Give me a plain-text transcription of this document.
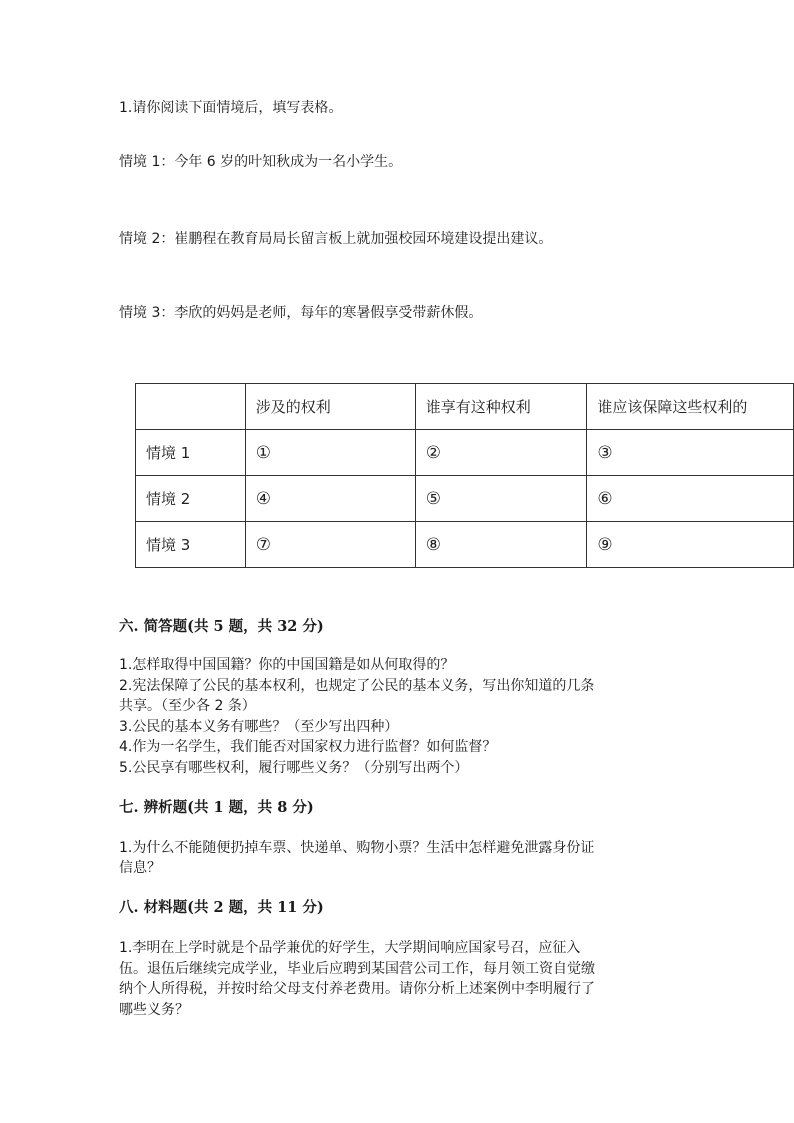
1.请你阅读下面情境后，填写表格。
情境 1：今年 6 岁的叶知秋成为一名小学生。
情境 2：崔鹏程在教育局局长留言板上就加强校园环境建设提出建议。
情境 3：李欣的妈妈是老师，每年的寒暑假享受带薪休假。
	涉及的权利	谁享有这种权利	谁应该保障这些权利的
情境 1	①	②	③
情境 2	④	⑤	⑥
情境 3	⑦	⑧	⑨
六. 简答题(共 5 题，共 32 分)
1.怎样取得中国国籍？你的中国国籍是如从何取得的？
2.宪法保障了公民的基本权利，也规定了公民的基本义务，写出你知道的几条
共享。（至少各 2 条）
3.公民的基本义务有哪些？（至少写出四种）
4.作为一名学生，我们能否对国家权力进行监督？如何监督？
5.公民享有哪些权利，履行哪些义务？（分别写出两个）
七. 辨析题(共 1 题，共 8 分)
1.为什么不能随便扔掉车票、快递单、购物小票？生活中怎样避免泄露身份证
信息？
八. 材料题(共 2 题，共 11 分)
1.李明在上学时就是个品学兼优的好学生，大学期间响应国家号召，应征入
伍。退伍后继续完成学业，毕业后应聘到某国营公司工作，每月领工资自觉缴
纳个人所得税，并按时给父母支付养老费用。请你分析上述案例中李明履行了
哪些义务？
